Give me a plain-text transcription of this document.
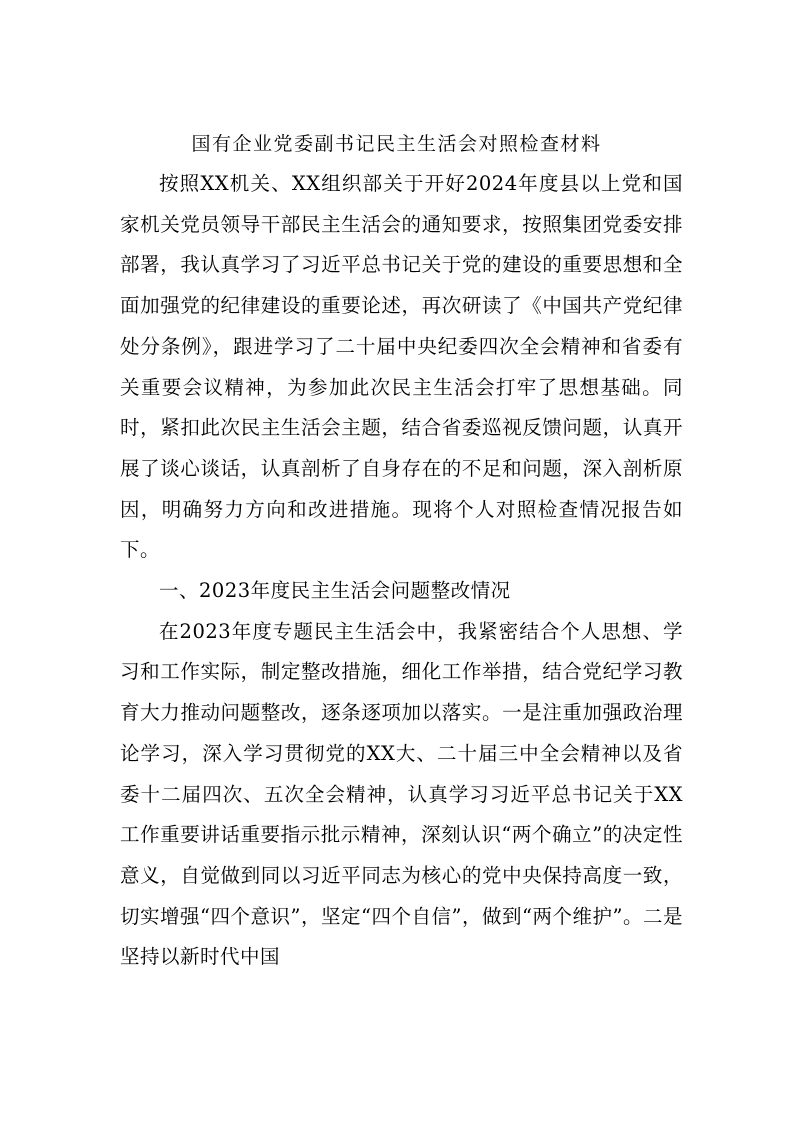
国有企业党委副书记民主生活会对照检查材料

按照XX机关、XX组织部关于开好2024年度县以上党和国家机关党员领导干部民主生活会的通知要求，按照集团党委安排部署，我认真学习了习近平总书记关于党的建设的重要思想和全面加强党的纪律建设的重要论述，再次研读了《中国共产党纪律处分条例》，跟进学习了二十届中央纪委四次全会精神和省委有关重要会议精神，为参加此次民主生活会打牢了思想基础。同时，紧扣此次民主生活会主题，结合省委巡视反馈问题，认真开展了谈心谈话，认真剖析了自身存在的不足和问题，深入剖析原因，明确努力方向和改进措施。现将个人对照检查情况报告如下。

一、2023年度民主生活会问题整改情况

在2023年度专题民主生活会中，我紧密结合个人思想、学习和工作实际，制定整改措施，细化工作举措，结合党纪学习教育大力推动问题整改，逐条逐项加以落实。一是注重加强政治理论学习，深入学习贯彻党的XX大、二十届三中全会精神以及省委十二届四次、五次全会精神，认真学习习近平总书记关于XX工作重要讲话重要指示批示精神，深刻认识“两个确立”的决定性意义，自觉做到同以习近平同志为核心的党中央保持高度一致，切实增强“四个意识”，坚定“四个自信”，做到“两个维护”。二是坚持以新时代中国
